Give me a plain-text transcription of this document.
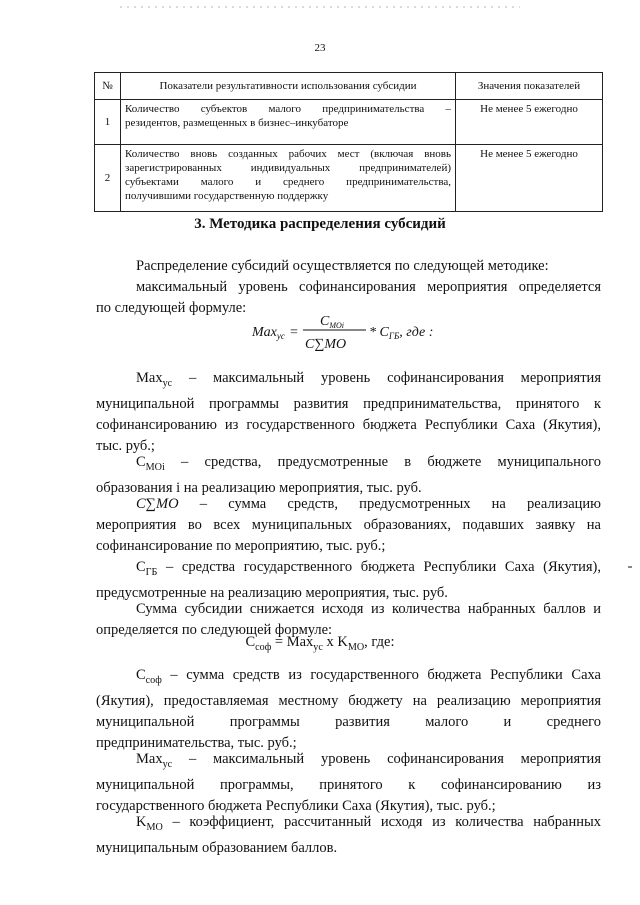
23
№	Показатели результативности использования субсидии	Значения показателей
1	Количество субъектов малого предпринимательства –
резидентов, размещенных в бизнес–инкубаторе	Не менее 5 ежегодно
2	Количество вновь созданных рабочих мест (включая вновь
зарегистрированных индивидуальных предпринимателей)
субъектами малого и среднего предпринимательства,
получившими государственную поддержку	Не менее 5 ежегодно
3. Методика распределения субсидий
Распределение субсидий осуществляется по следующей методике:
максимальный уровень софинансирования мероприятия определяется
по следующей формуле:
Max$_{ус}$ =
$C_{MOi}$
C∑MO
* $C_{ГБ}$, где :
Max$_{ус}$ – максимальный уровень софинансирования мероприятия
муниципальной программы развития предпринимательства, принятого к
софинансированию из государственного бюджета Республики Саха (Якутия),
тыс. руб.;
$C_{MOi}$ – средства, предусмотренные в бюджете муниципального
образования i на реализацию мероприятия, тыс. руб.
C∑MO – сумма средств, предусмотренных на реализацию
мероприятия во всех муниципальных образованиях, подавших заявку на
софинансирование по мероприятию, тыс. руб.;
$C_{ГБ}$ – средства государственного бюджета Республики Саха (Якутия),
предусмотренные на реализацию мероприятия, тыс. руб.
Сумма субсидии снижается исходя из количества набранных баллов и
определяется по следующей формуле:
$С_{соф} = Max_{ус}$ x $K_{MO}$, где:
$С_{соф}$ – сумма средств из государственного бюджета Республики Саха
(Якутия), предоставляемая местному бюджету на реализацию мероприятия
муниципальной программы развития малого и среднего
предпринимательства, тыс. руб.;
Max$_{ус}$ – максимальный уровень софинансирования мероприятия
муниципальной программы, принятого к софинансированию из
государственного бюджета Республики Саха (Якутия), тыс. руб.;
$K_{MO}$ – коэффициент, рассчитанный исходя из количества набранных
муниципальным образованием баллов.
